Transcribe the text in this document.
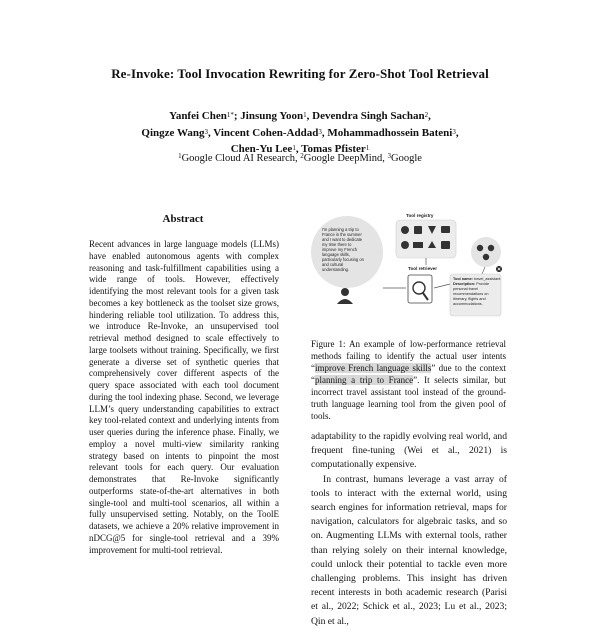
Re-Invoke: Tool Invocation Rewriting for Zero-Shot Tool Retrieval
Yanfei Chen$^{1*}$; Jinsung Yoon$^1$, Devendra Singh Sachan$^2$,
Qingze Wang$^3$, Vincent Cohen-Addad$^3$, Mohammadhossein Bateni$^3$,
Chen-Yu Lee$^1$, Tomas Pfister$^1$
$^1$Google Cloud AI Research, $^2$Google DeepMind, $^3$Google
Abstract
Recent advances in large language models (LLMs) have enabled autonomous agents with complex reasoning and task-fulfillment capabilities using a wide range of tools. However, effectively identifying the most relevant tools for a given task becomes a key bottleneck as the toolset size grows, hindering reliable tool utilization. To address this, we introduce Re-Invoke, an unsupervised tool retrieval method designed to scale effectively to large toolsets without training. Specifically, we first generate a diverse set of synthetic queries that comprehensively cover different aspects of the query space associated with each tool document during the tool indexing phase. Second, we leverage LLM’s query understanding capabilities to extract key tool-related context and underlying intents from user queries during the inference phase. Finally, we employ a novel multi-view similarity ranking strategy based on intents to pinpoint the most relevant tools for each query. Our evaluation demonstrates that Re-Invoke significantly outperforms state-of-the-art alternatives in both single-tool and multi-tool scenarios, all within a fully unsupervised setting. Notably, on the ToolE datasets, we achieve a 20% relative improvement in nDCG@5 for single-tool retrieval and a 39% improvement for multi-tool retrieval.
I'm planning a trip to France in the summer and I want to dedicate my time there to improve my French language skills, particularly focusing on and cultural understanding.
Tool registry
Tool retriever
Tool name: travel_assistant Description: Provide personal travel recommendations on itinerary, flights and accommodations.
Figure 1: An example of low-performance retrieval methods failing to identify the actual user intents “improve French language skills” due to the context “planning a trip to France”. It selects similar, but incorrect travel assistant tool instead of the ground-truth language learning tool from the given pool of tools.

adaptability to the rapidly evolving real world, and frequent fine-tuning (Wei et al., 2021) is computationally expensive.

In contrast, humans leverage a vast array of tools to interact with the external world, using search engines for information retrieval, maps for navigation, calculators for algebraic tasks, and so on. Augmenting LLMs with external tools, rather than relying solely on their internal knowledge, could unlock their potential to tackle even more challenging problems. This insight has driven recent interests in both academic research (Parisi et al., 2022; Schick et al., 2023; Lu et al., 2023; Qin et al.,
